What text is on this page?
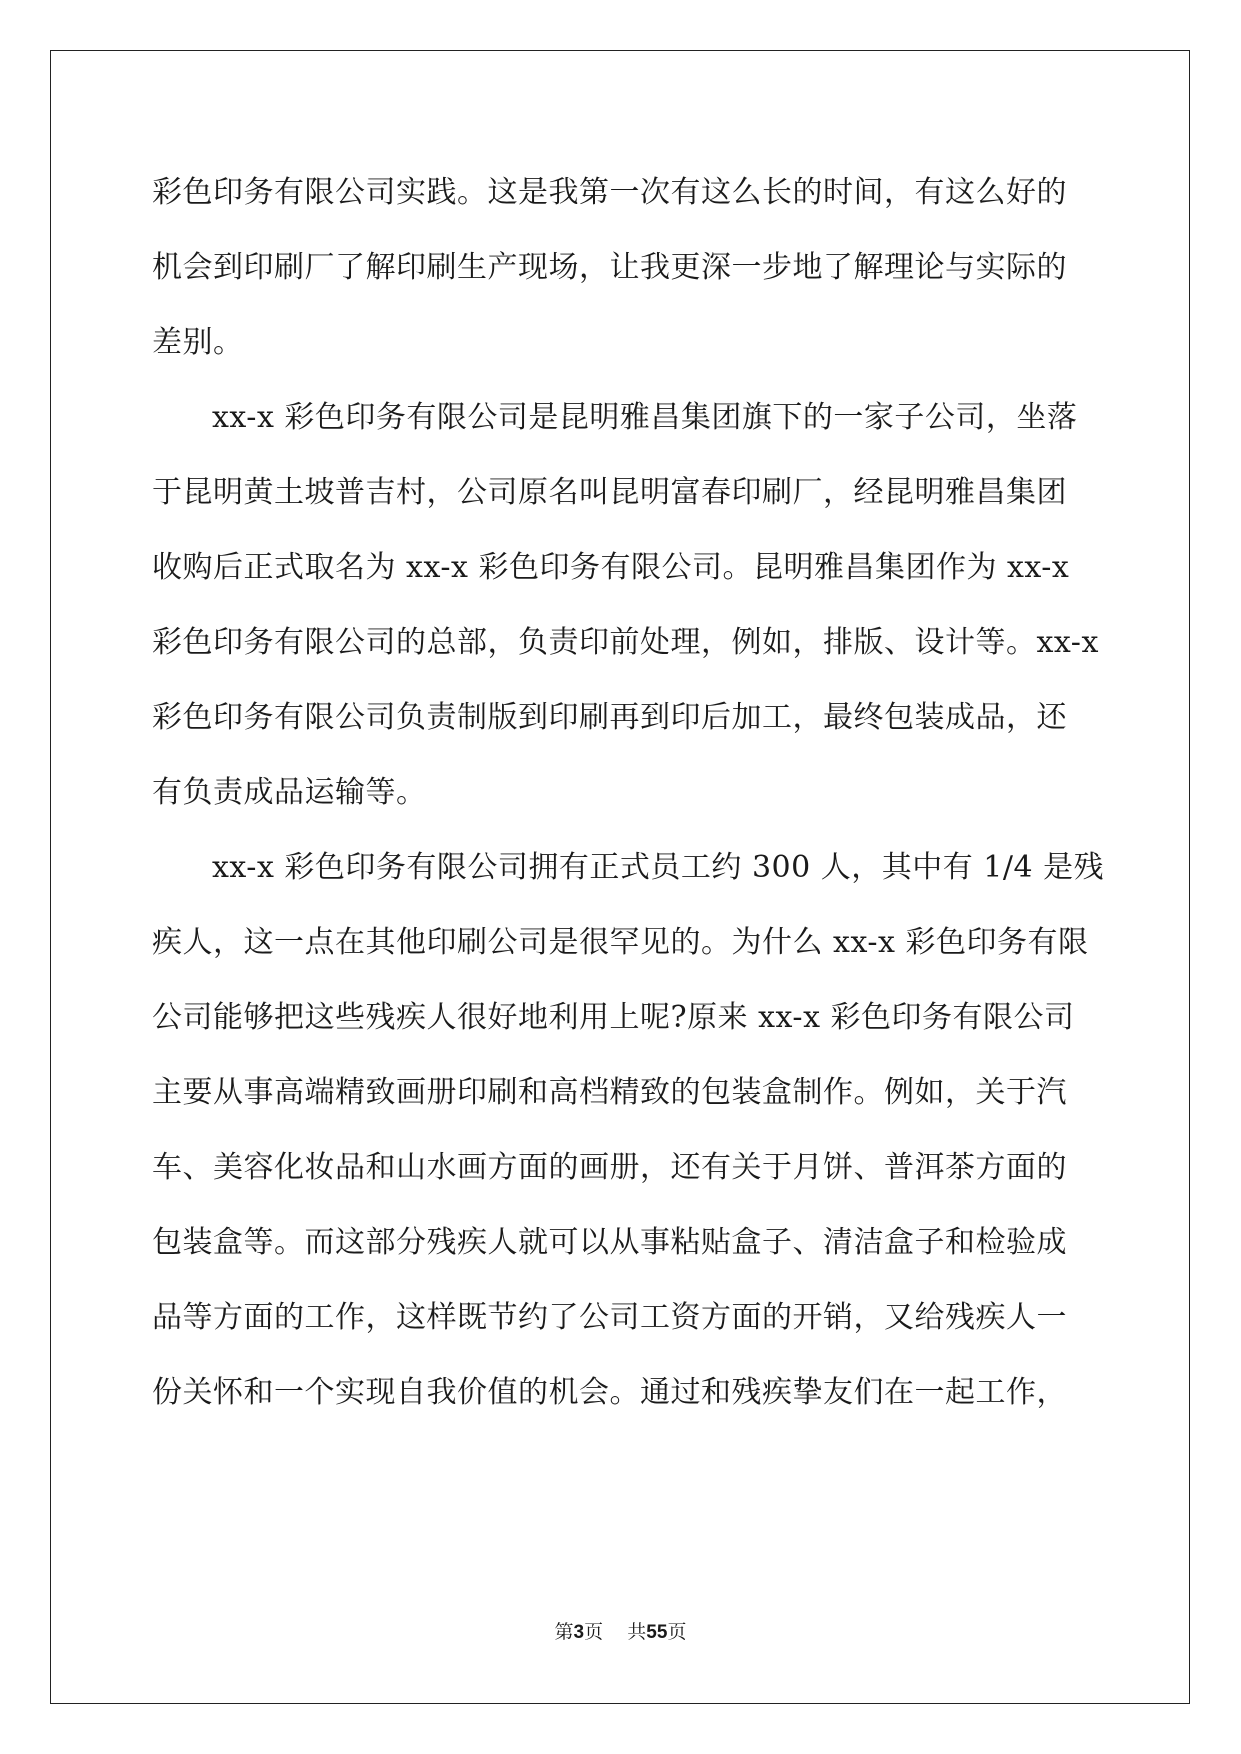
彩色印务有限公司实践。这是我第一次有这么长的时间，有这么好的
机会到印刷厂了解印刷生产现场，让我更深一步地了解理论与实际的
差别。
xx-x 彩色印务有限公司是昆明雅昌集团旗下的一家子公司，坐落
于昆明黄土坡普吉村，公司原名叫昆明富春印刷厂，经昆明雅昌集团
收购后正式取名为 xx-x 彩色印务有限公司。昆明雅昌集团作为 xx-x
彩色印务有限公司的总部，负责印前处理，例如，排版、设计等。xx-x
彩色印务有限公司负责制版到印刷再到印后加工，最终包装成品，还
有负责成品运输等。
xx-x 彩色印务有限公司拥有正式员工约 300 人，其中有 1/4 是残
疾人，这一点在其他印刷公司是很罕见的。为什么 xx-x 彩色印务有限
公司能够把这些残疾人很好地利用上呢?原来 xx-x 彩色印务有限公司
主要从事高端精致画册印刷和高档精致的包装盒制作。例如，关于汽
车、美容化妆品和山水画方面的画册，还有关于月饼、普洱茶方面的
包装盒等。而这部分残疾人就可以从事粘贴盒子、清洁盒子和检验成
品等方面的工作，这样既节约了公司工资方面的开销，又给残疾人一
份关怀和一个实现自我价值的机会。通过和残疾挚友们在一起工作，
第3页    共55页
